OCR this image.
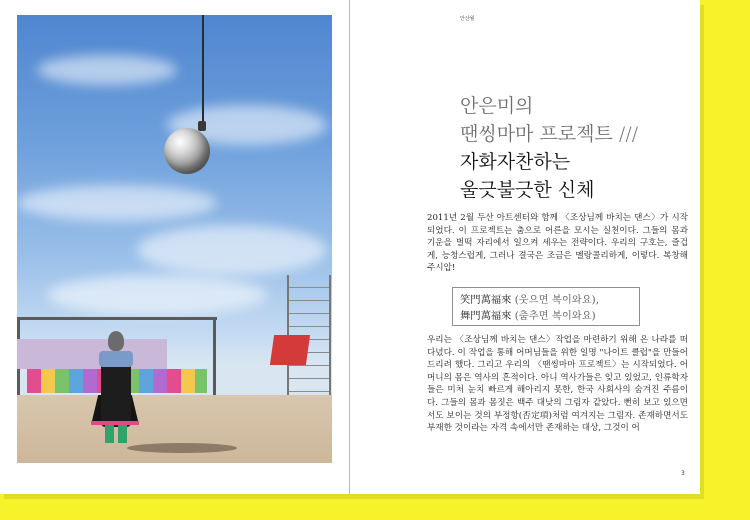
안산월
안은미의
땐씽마마 프로젝트 ///
자화자찬하는
울긋불긋한 신체
2011년 2월 두산 아트센터와 함께 〈조상님께 바치는 댄스〉가 시작되었다. 이 프로젝트는 춤으로 어른을 모시는 실천이다. 그들의 몸과 기운을 벌떡 자리에서 일으켜 세우는 전략이다. 우리의 구호는, 즐겁게, 능청스럽게, 그러나 결국은 조금은 멜랑콜리하게, 이렇다. 복창해주시압!
笑門萬福來 (웃으면 복이와요),
舞門萬福來 (춤추면 복이와요)
우리는 〈조상님께 바치는 댄스〉작업을 마련하기 위해 온 나라를 떠다녔다. 이 작업을 통해 어머님들을 위한 일명 "나이트 클럽"을 만들어 드리려 했다. 그리고 우리의 〈땐씽마마 프로젝트〉는 시작되었다. 어머니의 몸은 역사의 흔적이다. 아니 역사가들은 잊고 있었고, 인류학자들은 미처 눈치 빠르게 해아리지 못한, 한국 사회사의 숨겨진 주름이다. 그들의 몸과 몸짓은 백주 대낮의 그림자 같았다. 뻔히 보고 있으면서도 보이는 것의 부정항(否定項)처럼 여겨지는 그림자. 존재하면서도 부재한 것이라는 자격 속에서만 존재하는 대상, 그것이 어
3
